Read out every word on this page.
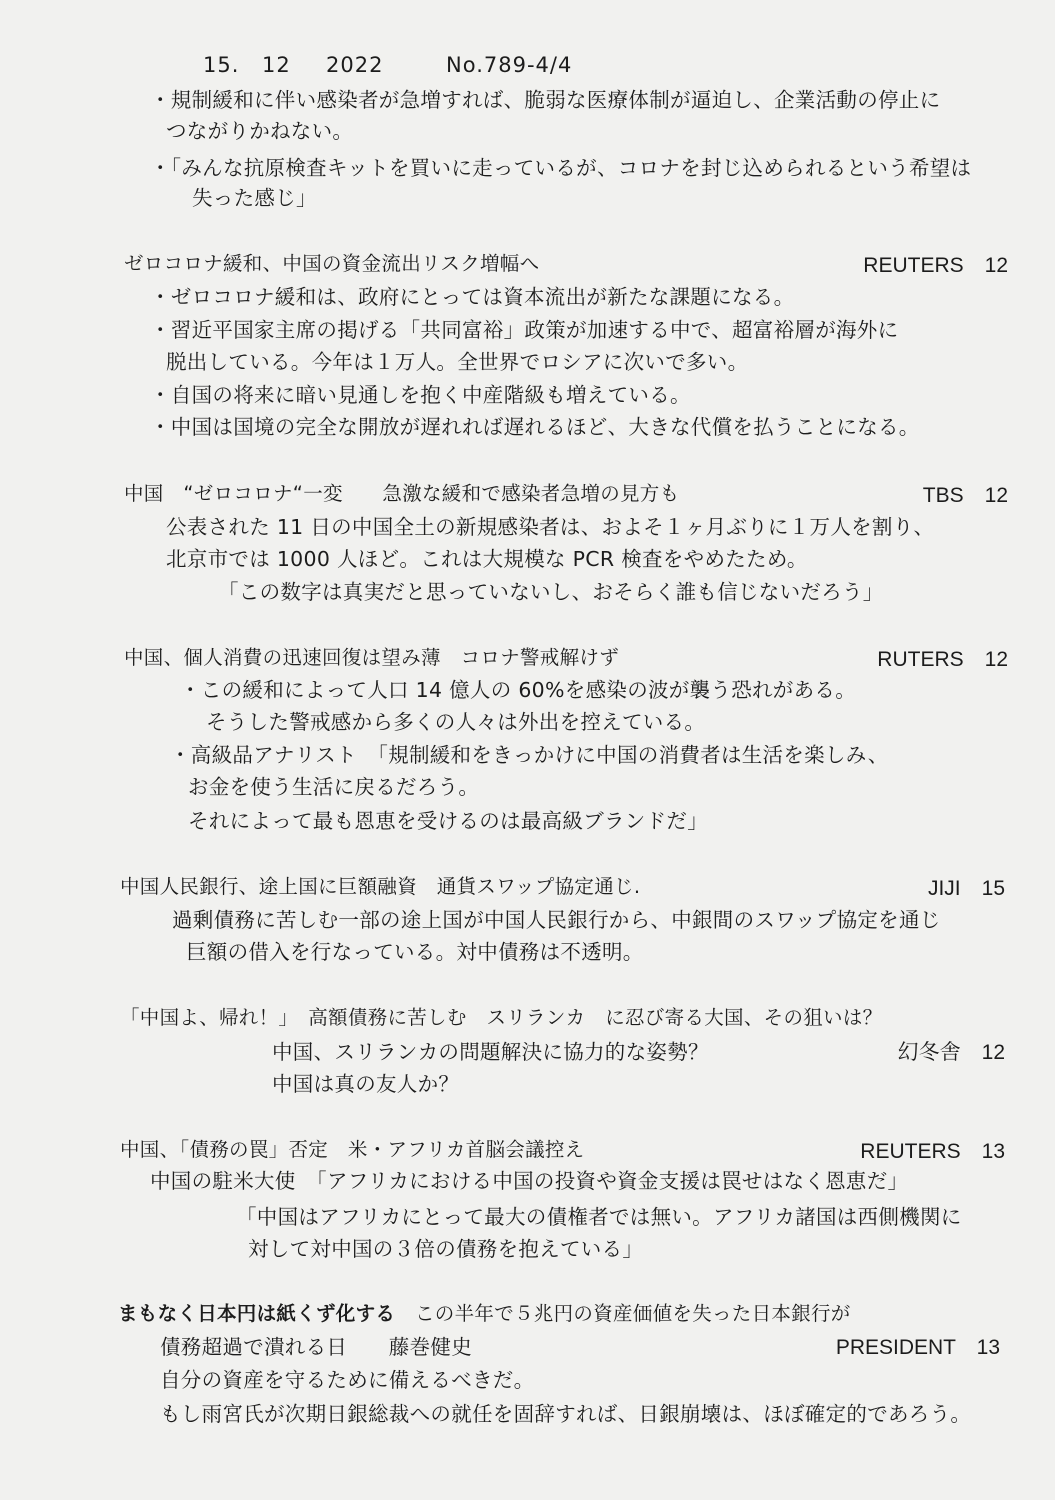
15. 12 2022	No.789-4/4
・規制緩和に伴い感染者が急増すれば、脆弱な医療体制が逼迫し、企業活動の停止に
つながりかねない。
・「みんな抗原検査キットを買いに走っているが、コロナを封じ込められるという希望は
失った感じ」
ゼロコロナ緩和、中国の資金流出リスク増幅へ	REUTERS　12
・ゼロコロナ緩和は、政府にとっては資本流出が新たな課題になる。
・習近平国家主席の掲げる「共同富裕」政策が加速する中で、超富裕層が海外に
脱出している。今年は１万人。全世界でロシアに次いで多い。
・自国の将来に暗い見通しを抱く中産階級も増えている。
・中国は国境の完全な開放が遅れれば遅れるほど、大きな代償を払うことになる。
中国　“ゼロコロナ“一変　　急激な緩和で感染者急増の見方も	TBS　12
公表された 11 日の中国全土の新規感染者は、およそ１ヶ月ぶりに１万人を割り、
北京市では 1000 人ほど。これは大規模な PCR 検査をやめたため。
「この数字は真実だと思っていないし、おそらく誰も信じないだろう」
中国、個人消費の迅速回復は望み薄　コロナ警戒解けず	RUTERS　12
・この緩和によって人口 14 億人の 60%を感染の波が襲う恐れがある。
そうした警戒感から多くの人々は外出を控えている。
・高級品アナリスト　「規制緩和をきっかけに中国の消費者は生活を楽しみ、
お金を使う生活に戻るだろう。
それによって最も恩恵を受けるのは最高級ブランドだ」
中国人民銀行、途上国に巨額融資　通貨スワップ協定通じ.	JIJI　15
過剰債務に苦しむ一部の途上国が中国人民銀行から、中銀間のスワップ協定を通じ
巨額の借入を行なっている。対中債務は不透明。
「中国よ、帰れ！」　高額債務に苦しむ　スリランカ　に忍び寄る大国、その狙いは？
中国、スリランカの問題解決に協力的な姿勢？	幻冬舎　12
中国は真の友人か？
中国、「債務の罠」否定　米・アフリカ首脳会議控え	REUTERS　13
中国の駐米大使　「アフリカにおける中国の投資や資金支援は罠せはなく恩恵だ」
「中国はアフリカにとって最大の債権者では無い。アフリカ諸国は西側機関に
対して対中国の３倍の債務を抱えている」
まもなく日本円は紙くず化する　この半年で５兆円の資産価値を失った日本銀行が
債務超過で潰れる日　　藤巻健史	PRESIDENT　13
自分の資産を守るために備えるべきだ。
もし雨宮氏が次期日銀総裁への就任を固辞すれば、日銀崩壊は、ほぼ確定的であろう。
